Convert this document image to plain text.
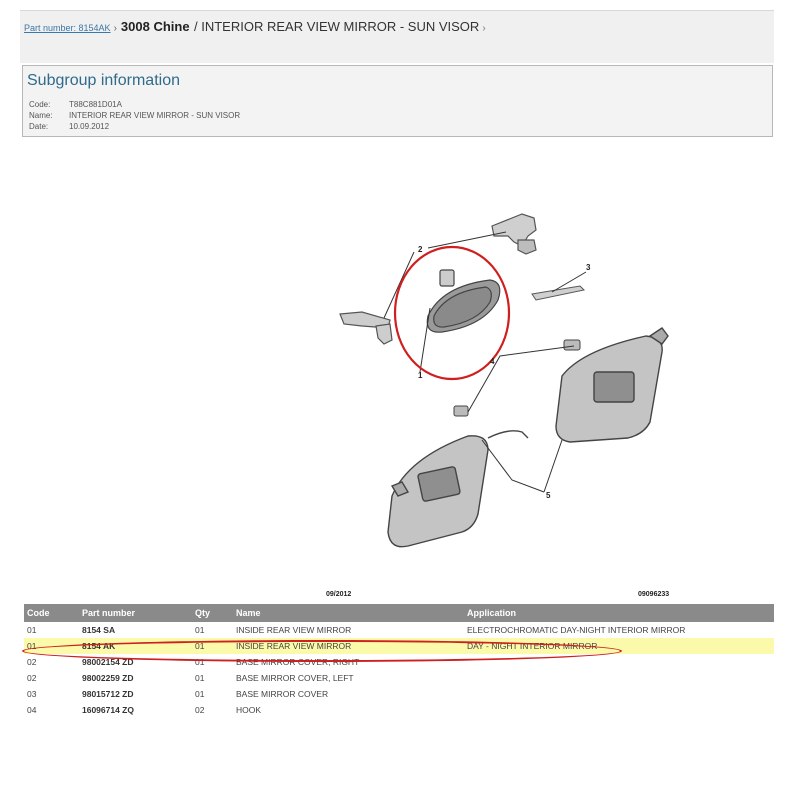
Part number: 8154AK › 3008 Chine / INTERIOR REAR VIEW MIRROR - SUN VISOR ›
Subgroup information
Code: T88C881D01A
Name: INTERIOR REAR VIEW MIRROR - SUN VISOR
Date:	10.09.2012
2
3
1
4
5
09/2012	09096233
Code	Part number	Qty	Name	Application
01	8154 SA	01	INSIDE REAR VIEW MIRROR	ELECTROCHROMATIC DAY-NIGHT INTERIOR MIRROR
01	8154 AK	01	INSIDE REAR VIEW MIRROR	DAY - NIGHT INTERIOR MIRROR
02	98002154 ZD	01	BASE MIRROR COVER, RIGHT	
02	98002259 ZD	01	BASE MIRROR COVER, LEFT	
03	98015712 ZD	01	BASE MIRROR COVER	
04	16096714 ZQ	02	HOOK	
